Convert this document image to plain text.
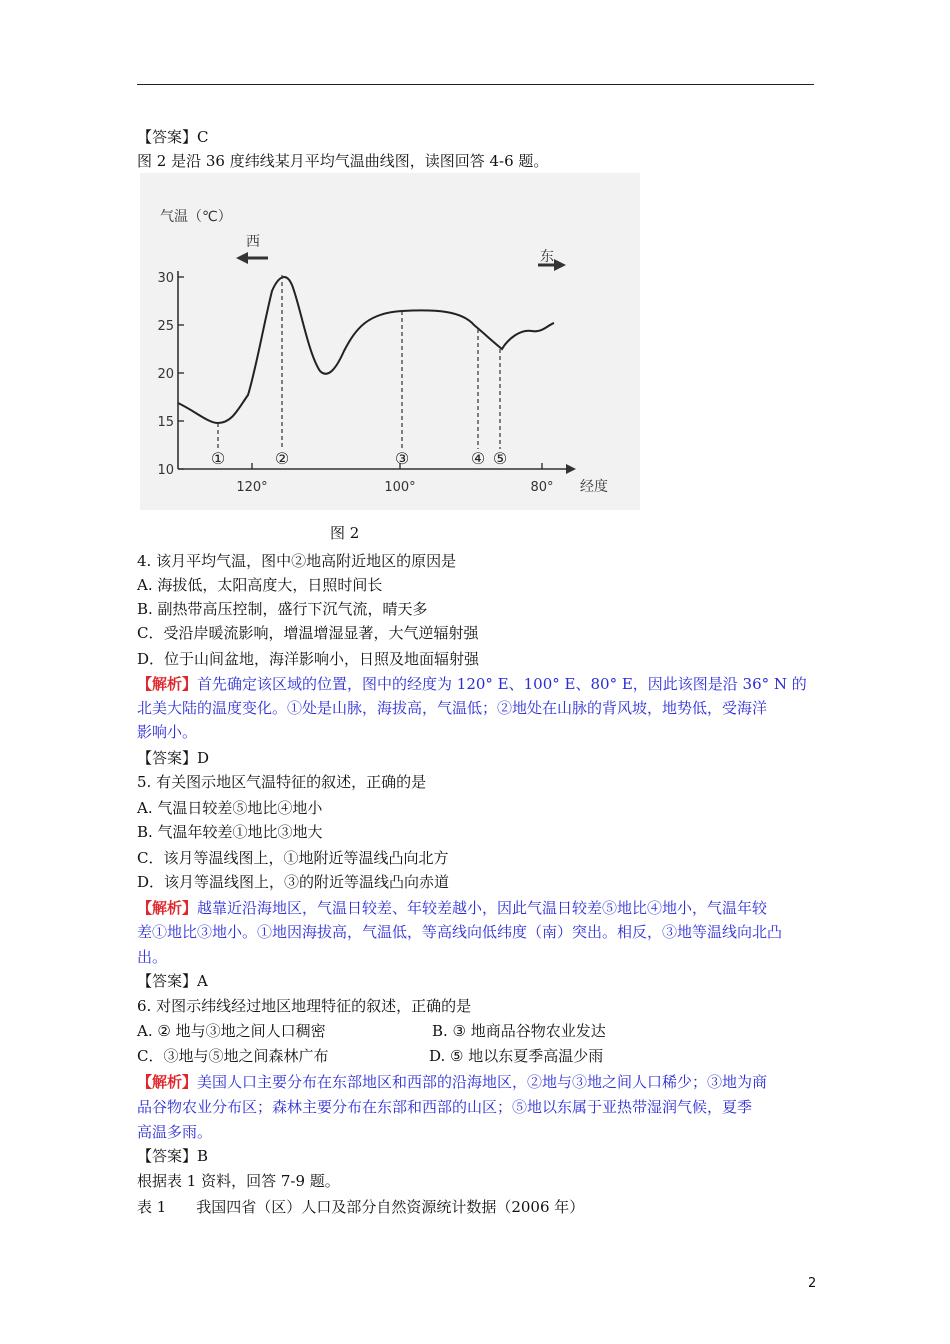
【答案】C
图 2 是沿 36 度纬线某月平均气温曲线图，读图回答 4-6 题。
气温（℃）
西
东
经度
30
25
20
15
10
120°	100°	80°
①	②	③	④ ⑤
图 2
4. 该月平均气温，图中②地高附近地区的原因是
A. 海拔低，太阳高度大，日照时间长
B. 副热带高压控制，盛行下沉气流，晴天多
C．受沿岸暖流影响，增温增湿显著，大气逆辐射强
D．位于山间盆地，海洋影响小，日照及地面辐射强
【解析】首先确定该区域的位置，图中的经度为 120° E、100° E、80° E，因此该图是沿 36° N 的
北美大陆的温度变化。①处是山脉，海拔高，气温低；②地处在山脉的背风坡，地势低，受海洋
影响小。
【答案】D
5. 有关图示地区气温特征的叙述，正确的是
A. 气温日较差⑤地比④地小
B. 气温年较差①地比③地大
C．该月等温线图上，①地附近等温线凸向北方
D．该月等温线图上，③的附近等温线凸向赤道
【解析】越靠近沿海地区，气温日较差、年较差越小，因此气温日较差⑤地比④地小，气温年较
差①地比③地小。①地因海拔高，气温低，等高线向低纬度（南）突出。相反，③地等温线向北凸
出。
【答案】A
6. 对图示纬线经过地区地理特征的叙述，正确的是
A. ② 地与③地之间人口稠密	B. ③ 地商品谷物农业发达
C．③地与⑤地之间森林广布	D. ⑤ 地以东夏季高温少雨
【解析】美国人口主要分布在东部地区和西部的沿海地区，②地与③地之间人口稀少；③地为商
品谷物农业分布区；森林主要分布在东部和西部的山区；⑤地以东属于亚热带湿润气候，夏季
高温多雨。
【答案】B
根据表 1 资料，回答 7-9 题。
表 1　　我国四省（区）人口及部分自然资源统计数据（2006 年）
2
